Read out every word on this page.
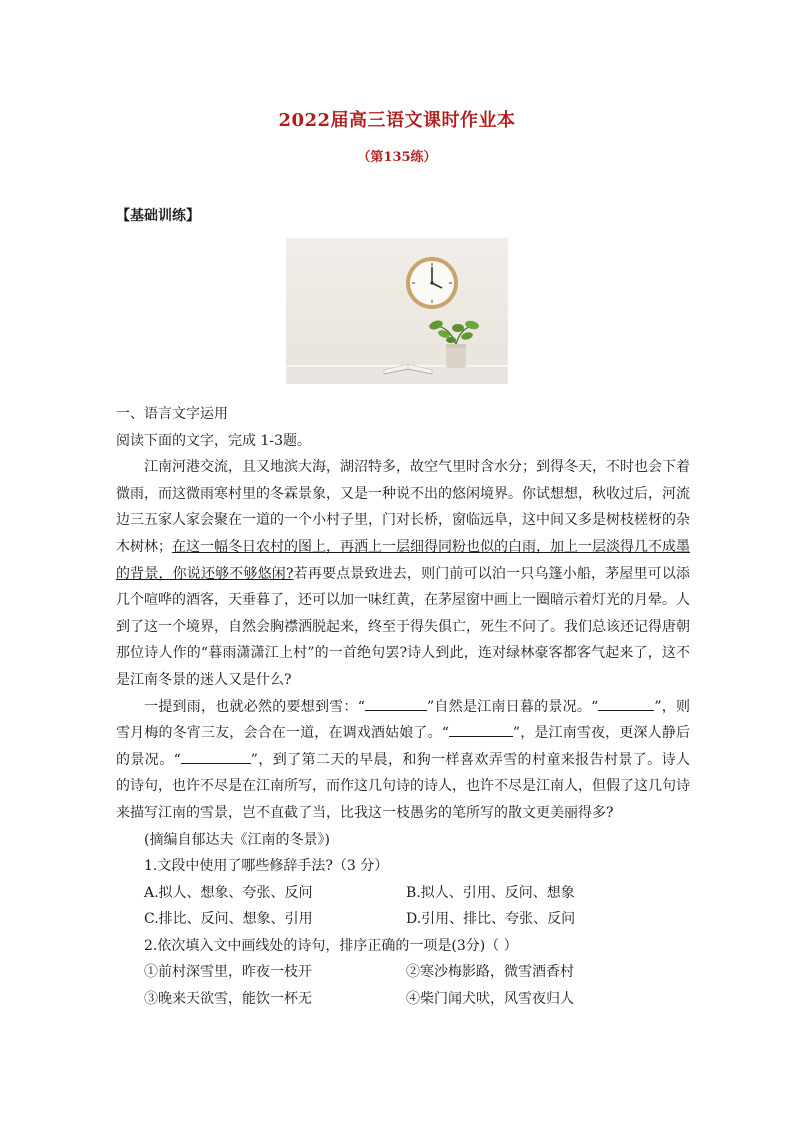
2022届高三语文课时作业本
（第135练）
【基础训练】
一、语言文字运用
阅读下面的文字，完成 1-3题。
江南河港交流，且又地滨大海，湖沼特多，故空气里时含水分；到得冬天，不时也会下着微雨，而这微雨寒村里的冬霖景象，又是一种说不出的悠闲境界。你试想想，秋收过后，河流边三五家人家会聚在一道的一个小村子里，门对长桥，窗临远阜，这中间又多是树枝槎枒的杂木树林；在这一幅冬日农村的图上，再洒上一层细得同粉也似的白雨，加上一层淡得几不成墨的背景，你说还够不够悠闲?若再要点景致进去，则门前可以泊一只乌篷小船，茅屋里可以添几个喧哗的酒客，天垂暮了，还可以加一味红黄，在茅屋窗中画上一圈暗示着灯光的月晕。人到了这一个境界，自然会胸襟洒脱起来，终至于得失俱亡，死生不问了。我们总该还记得唐朝那位诗人作的“暮雨潇潇江上村”的一首绝句罢?诗人到此，连对绿林豪客都客气起来了，这不是江南冬景的迷人又是什么?
一提到雨，也就必然的要想到雪：“	”自然是江南日暮的景况。“	”，则雪月梅的冬宵三友，会合在一道，在调戏酒姑娘了。“	”，是江南雪夜，更深人静后的景况。“	”，到了第二天的早晨，和狗一样喜欢弄雪的村童来报告村景了。诗人的诗句，也许不尽是在江南所写，而作这几句诗的诗人，也许不尽是江南人，但假了这几句诗来描写江南的雪景，岂不直截了当，比我这一枝愚劣的笔所写的散文更美丽得多?
(摘编自郁达夫《江南的冬景》)
1.文段中使用了哪些修辞手法?（3 分）
A.拟人、想象、夸张、反问	B.拟人、引用、反问、想象
C.排比、反问、想象、引用	D.引用、排比、夸张、反问
2.依次填入文中画线处的诗句，排序正确的一项是(3分)（ ）
①前村深雪里，昨夜一枝开	②寒沙梅影路，微雪酒香村
③晚来天欲雪，能饮一杯无	④柴门闻犬吠，风雪夜归人
